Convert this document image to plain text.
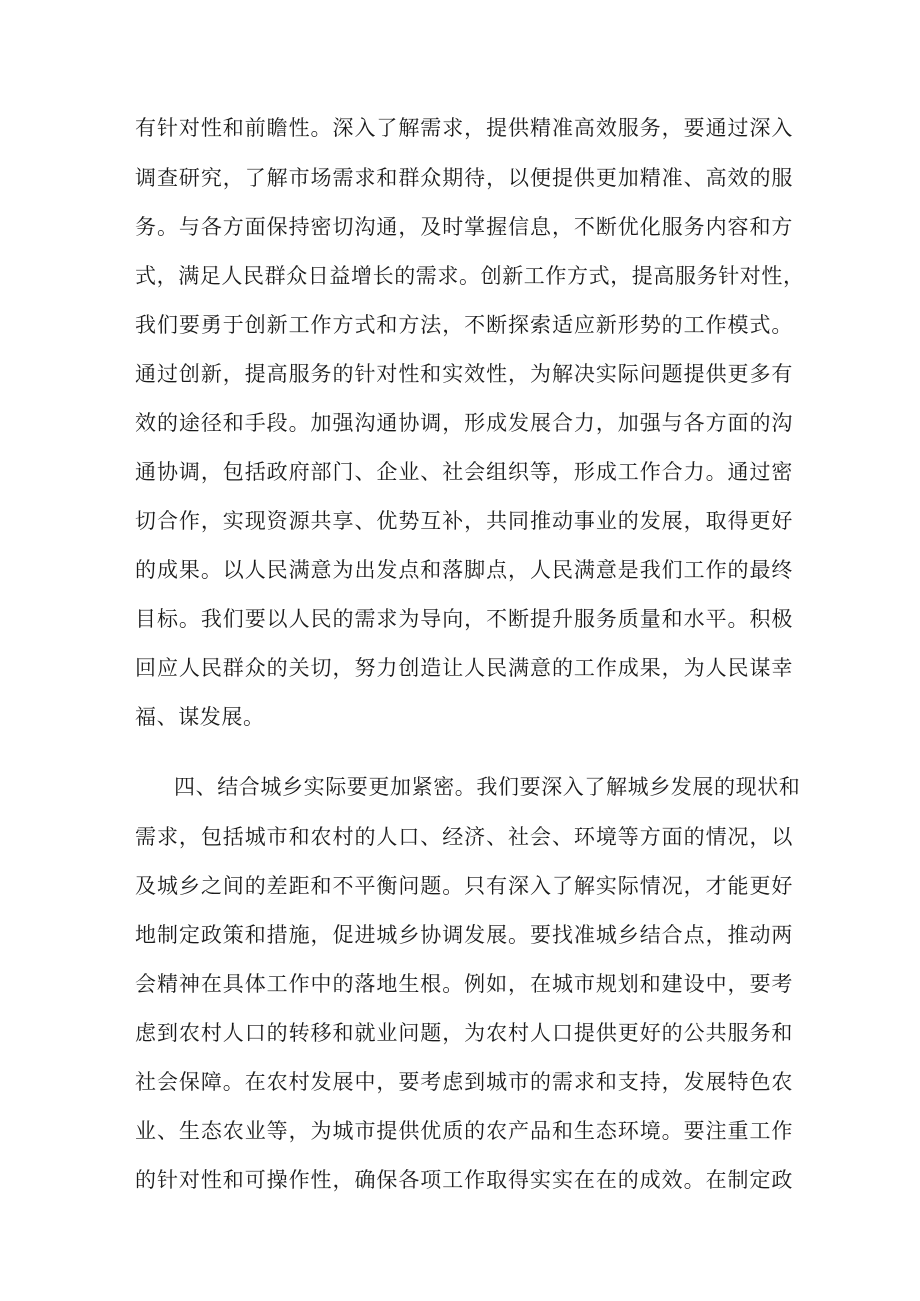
有针对性和前瞻性。深入了解需求，提供精准高效服务，要通过深入
调查研究，了解市场需求和群众期待，以便提供更加精准、高效的服
务。与各方面保持密切沟通，及时掌握信息，不断优化服务内容和方
式，满足人民群众日益增长的需求。创新工作方式，提高服务针对性，
我们要勇于创新工作方式和方法，不断探索适应新形势的工作模式。
通过创新，提高服务的针对性和实效性，为解决实际问题提供更多有
效的途径和手段。加强沟通协调，形成发展合力，加强与各方面的沟
通协调，包括政府部门、企业、社会组织等，形成工作合力。通过密
切合作，实现资源共享、优势互补，共同推动事业的发展，取得更好
的成果。以人民满意为出发点和落脚点，人民满意是我们工作的最终
目标。我们要以人民的需求为导向，不断提升服务质量和水平。积极
回应人民群众的关切，努力创造让人民满意的工作成果，为人民谋幸
福、谋发展。
四、结合城乡实际要更加紧密。我们要深入了解城乡发展的现状和
需求，包括城市和农村的人口、经济、社会、环境等方面的情况，以
及城乡之间的差距和不平衡问题。只有深入了解实际情况，才能更好
地制定政策和措施，促进城乡协调发展。要找准城乡结合点，推动两
会精神在具体工作中的落地生根。例如，在城市规划和建设中，要考
虑到农村人口的转移和就业问题，为农村人口提供更好的公共服务和
社会保障。在农村发展中，要考虑到城市的需求和支持，发展特色农
业、生态农业等，为城市提供优质的农产品和生态环境。要注重工作
的针对性和可操作性，确保各项工作取得实实在在的成效。在制定政
